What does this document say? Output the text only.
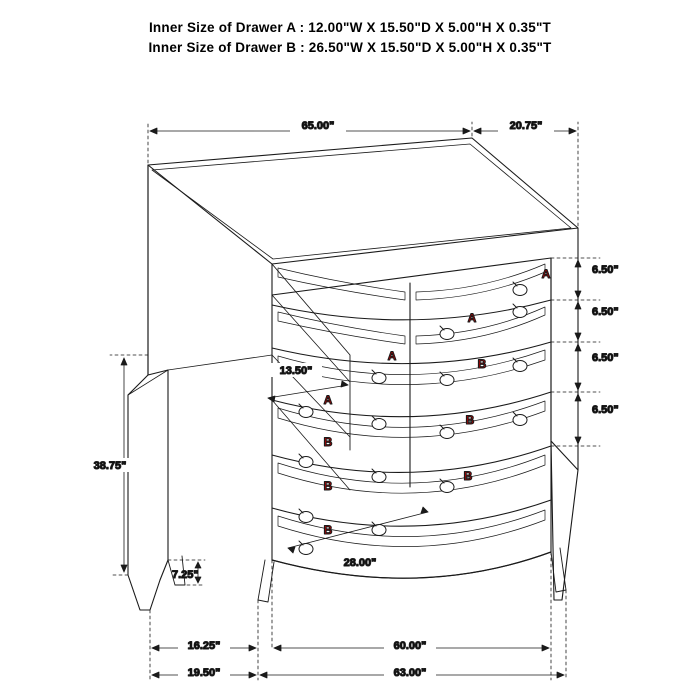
Inner Size of Drawer A : 12.00"W X 15.50"D X 5.00"H X 0.35"T
Inner Size of Drawer B : 26.50"W X 15.50"D X 5.00"H X 0.35"T
65.00"	20.75"
6.50"
6.50"
6.50"
6.50"
38.75"
7.25"
13.50"
28.00"
16.25"	60.00"
19.50"	63.00"
A
A
A
A
B
B
B
B
B
B
